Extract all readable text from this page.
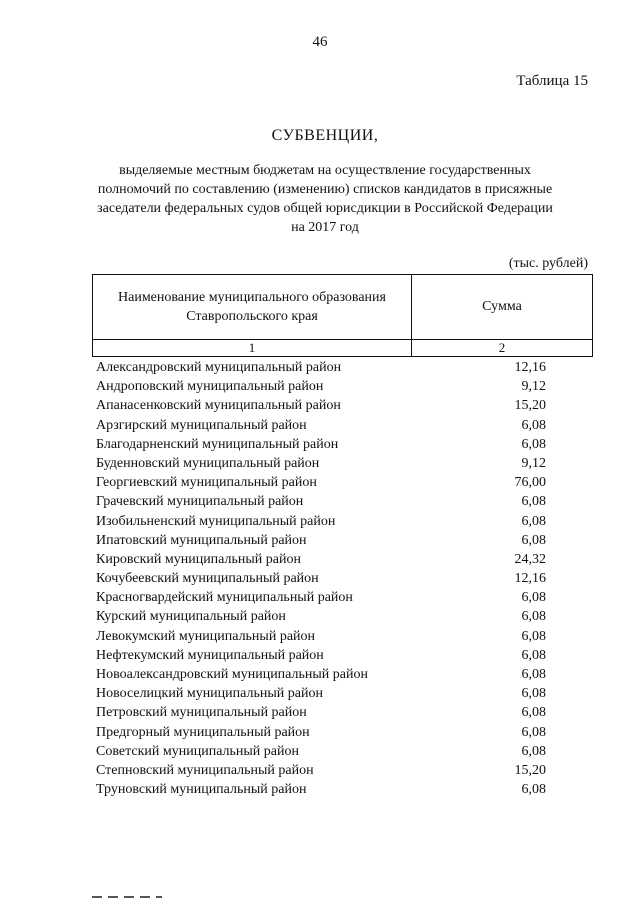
46
Таблица 15
СУБВЕНЦИИ,
выделяемые местным бюджетам на осуществление государственных
полномочий по составлению (изменению) списков кандидатов в присяжные
заседатели федеральных судов общей юрисдикции в Российской Федерации
на 2017 год
(тыс. рублей)
Наименование муниципального образования
Ставропольского края
Сумма
1	2
Александровский муниципальный район	12,16
Андроповский муниципальный район	9,12
Апанасенковский муниципальный район	15,20
Арзгирский муниципальный район	6,08
Благодарненский муниципальный район	6,08
Буденновский муниципальный район	9,12
Георгиевский муниципальный район	76,00
Грачевский муниципальный район	6,08
Изобильненский муниципальный район	6,08
Ипатовский муниципальный район	6,08
Кировский муниципальный район	24,32
Кочубеевский муниципальный район	12,16
Красногвардейский муниципальный район	6,08
Курский муниципальный район	6,08
Левокумский муниципальный район	6,08
Нефтекумский муниципальный район	6,08
Новоалександровский муниципальный район	6,08
Новоселицкий муниципальный район	6,08
Петровский муниципальный район	6,08
Предгорный муниципальный район	6,08
Советский муниципальный район	6,08
Степновский муниципальный район	15,20
Труновский муниципальный район	6,08
